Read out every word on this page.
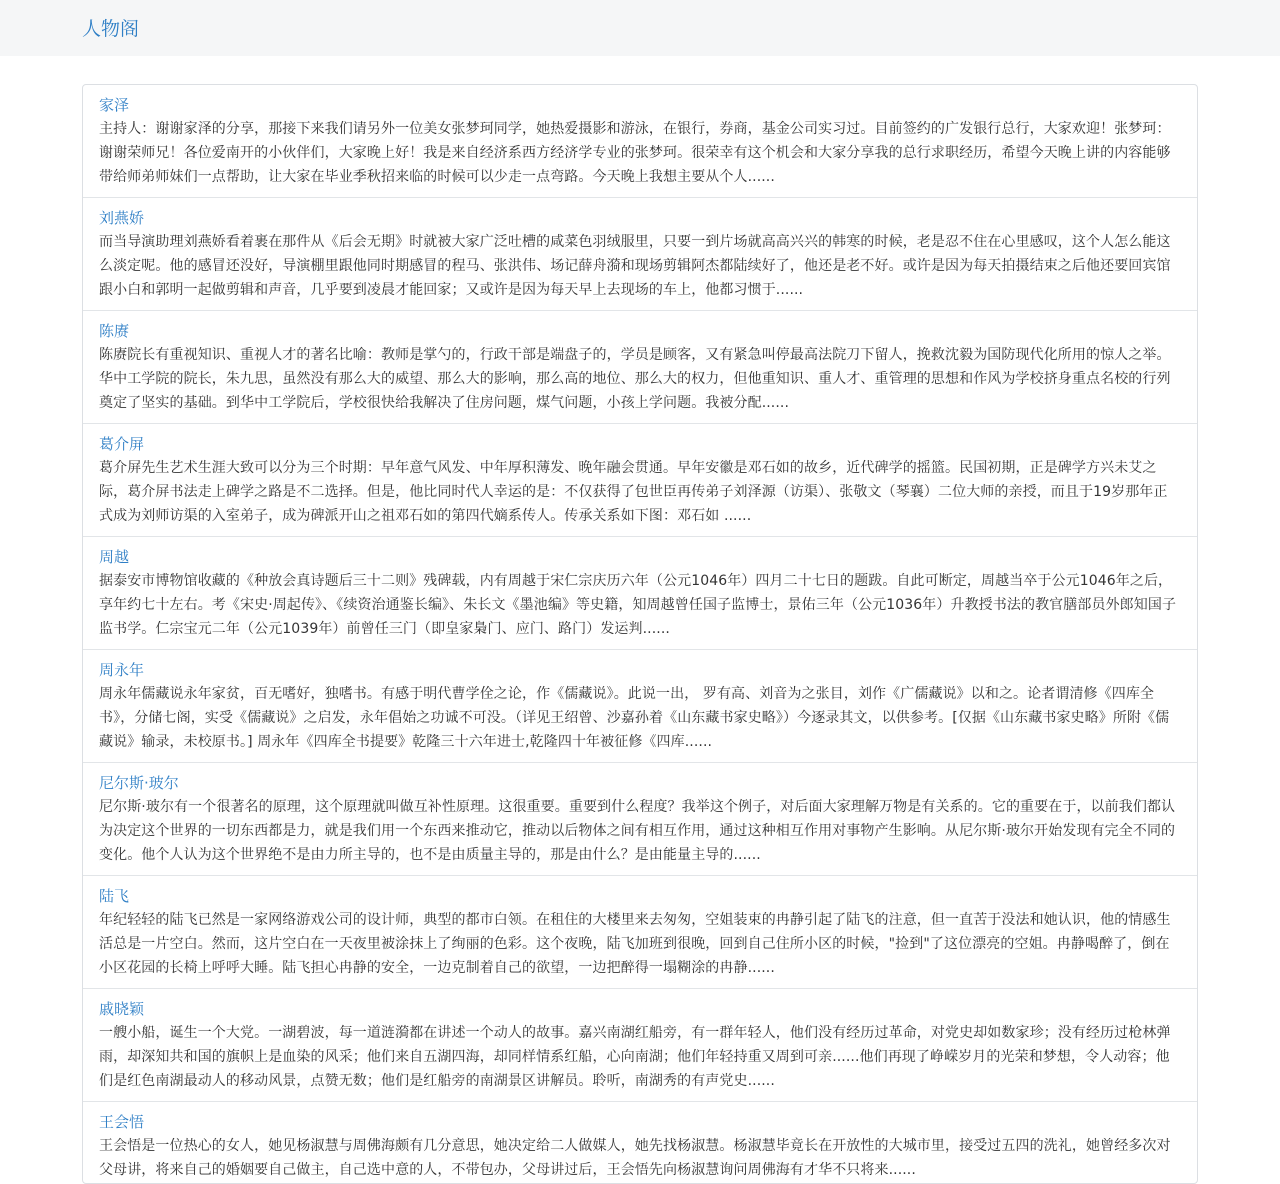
人物阁
家泽

主持人：谢谢家泽的分享，那接下来我们请另外一位美女张梦珂同学，她热爱摄影和游泳，在银行，券商，基金公司实习过。目前签约的广发银行总行，大家欢迎！张梦珂：谢谢荣师兄！各位爱南开的小伙伴们，大家晚上好！我是来自经济系西方经济学专业的张梦珂。很荣幸有这个机会和大家分享我的总行求职经历，希望今天晚上讲的内容能够带给师弟师妹们一点帮助，让大家在毕业季秋招来临的时候可以少走一点弯路。今天晚上我想主要从个人......

刘燕娇

而当导演助理刘燕娇看着裹在那件从《后会无期》时就被大家广泛吐槽的咸菜色羽绒服里，只要一到片场就高高兴兴的韩寒的时候，老是忍不住在心里感叹，这个人怎么能这么淡定呢。他的感冒还没好，导演棚里跟他同时期感冒的程马、张洪伟、场记薛舟漪和现场剪辑阿杰都陆续好了，他还是老不好。或许是因为每天拍摄结束之后他还要回宾馆跟小白和郭明一起做剪辑和声音，几乎要到凌晨才能回家；又或许是因为每天早上去现场的车上，他都习惯于......

陈赓

陈赓院长有重视知识、重视人才的著名比喻：教师是掌勺的，行政干部是端盘子的，学员是顾客，又有紧急叫停最高法院刀下留人，挽救沈毅为国防现代化所用的惊人之举。华中工学院的院长，朱九思，虽然没有那么大的威望、那么大的影响，那么高的地位、那么大的权力，但他重知识、重人才、重管理的思想和作风为学校挤身重点名校的行列奠定了坚实的基础。到华中工学院后，学校很快给我解决了住房问题，煤气问题，小孩上学问题。我被分配......

葛介屏

葛介屏先生艺术生涯大致可以分为三个时期：早年意气风发、中年厚积薄发、晚年融会贯通。早年安徽是邓石如的故乡，近代碑学的摇篮。民国初期，正是碑学方兴未艾之际，葛介屏书法走上碑学之路是不二选择。但是，他比同时代人幸运的是：不仅获得了包世臣再传弟子刘泽源（访渠）、张敬文（琴襄）二位大师的亲授，而且于19岁那年正式成为刘师访渠的入室弟子，成为碑派开山之祖邓石如的第四代嫡系传人。传承关系如下图：邓石如 ......

周越

据泰安市博物馆收藏的《种放会真诗题后三十二则》残碑载，内有周越于宋仁宗庆历六年（公元1046年）四月二十七日的题跋。自此可断定，周越当卒于公元1046年之后，享年约七十左右。考《宋史·周起传》、《续资治通鉴长编》、朱长文《墨池编》等史籍，知周越曾任国子监博士，景佑三年（公元1036年）升教授书法的教官膳部员外郎知国子监书学。仁宗宝元二年（公元1039年）前曾任三门（即皇家梟门、应门、路门）发运判......

周永年

周永年儒藏说永年家贫，百无嗜好，独嗜书。有感于明代曹学佺之论，作《儒藏说》。此说一出， 罗有高、刘音为之张目，刘作《广儒藏说》以和之。论者谓清修《四库全书》，分储七阁，实受《儒藏说》之启发，永年倡始之功诚不可没。（详见王绍曾、沙嘉孙着《山东藏书家史略》）今逐录其文，以供参考。[仅据《山东藏书家史略》所附《儒藏说》输录，未校原书。] 周永年《四库全书提要》乾隆三十六年进士,乾隆四十年被征修《四库......

尼尔斯·玻尔

尼尔斯·玻尔有一个很著名的原理，这个原理就叫做互补性原理。这很重要。重要到什么程度？我举这个例子，对后面大家理解万物是有关系的。它的重要在于，以前我们都认为决定这个世界的一切东西都是力，就是我们用一个东西来推动它，推动以后物体之间有相互作用，通过这种相互作用对事物产生影响。从尼尔斯·玻尔开始发现有完全不同的变化。他个人认为这个世界绝不是由力所主导的，也不是由质量主导的，那是由什么？是由能量主导的......

陆飞

年纪轻轻的陆飞已然是一家网络游戏公司的设计师，典型的都市白领。在租住的大楼里来去匆匆，空姐装束的冉静引起了陆飞的注意，但一直苦于没法和她认识，他的情感生活总是一片空白。然而，这片空白在一天夜里被涂抹上了绚丽的色彩。这个夜晚，陆飞加班到很晚，回到自己住所小区的时候，"捡到"了这位漂亮的空姐。冉静喝醉了，倒在小区花园的长椅上呼呼大睡。陆飞担心冉静的安全，一边克制着自己的欲望，一边把醉得一塌糊涂的冉静......

戚晓颖

一艘小船，诞生一个大党。一湖碧波，每一道涟漪都在讲述一个动人的故事。嘉兴南湖红船旁，有一群年轻人，他们没有经历过革命，对党史却如数家珍；没有经历过枪林弹雨，却深知共和国的旗帜上是血染的风采；他们来自五湖四海，却同样情系红船，心向南湖；他们年轻持重又周到可亲......他们再现了峥嵘岁月的光荣和梦想，令人动容；他们是红色南湖最动人的移动风景，点赞无数；他们是红船旁的南湖景区讲解员。聆听，南湖秀的有声党史......

王会悟

王会悟是一位热心的女人，她见杨淑慧与周佛海颇有几分意思，她决定给二人做媒人，她先找杨淑慧。杨淑慧毕竟长在开放性的大城市里，接受过五四的洗礼，她曾经多次对父母讲，将来自己的婚姻要自己做主，自己选中意的人，不带包办，父母讲过后，王会悟先向杨淑慧询问周佛海有才华不只将来......
